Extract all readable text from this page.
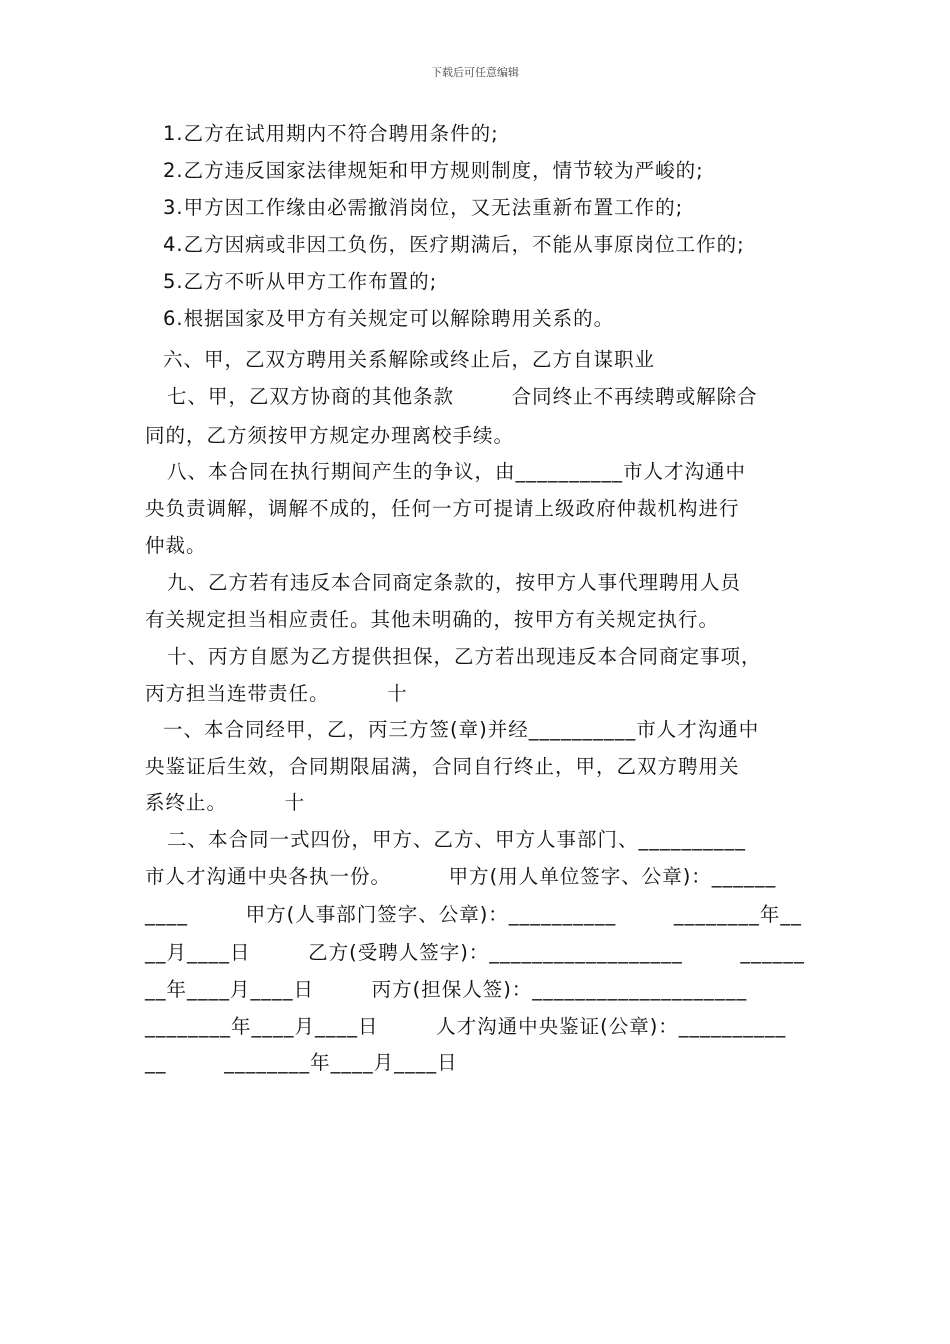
下载后可任意编辑
1.乙方在试用期内不符合聘用条件的;
2.乙方违反国家法律规矩和甲方规则制度，情节较为严峻的;
3.甲方因工作缘由必需撤消岗位，又无法重新布置工作的;
4.乙方因病或非因工负伤，医疗期满后，不能从事原岗位工作的;
5.乙方不听从甲方工作布置的;
6.根据国家及甲方有关规定可以解除聘用关系的。
六、甲，乙双方聘用关系解除或终止后，乙方自谋职业
七、甲，乙双方协商的其他条款        合同终止不再续聘或解除合
同的，乙方须按甲方规定办理离校手续。
八、本合同在执行期间产生的争议，由__________市人才沟通中
央负责调解，调解不成的，任何一方可提请上级政府仲裁机构进行
仲裁。
九、乙方若有违反本合同商定条款的，按甲方人事代理聘用人员
有关规定担当相应责任。其他未明确的，按甲方有关规定执行。
十、丙方自愿为乙方提供担保，乙方若出现违反本合同商定事项，
丙方担当连带责任。        十
一、本合同经甲，乙，丙三方签(章)并经__________市人才沟通中
央鉴证后生效，合同期限届满，合同自行终止，甲，乙双方聘用关
系终止。        十
二、本合同一式四份，甲方、乙方、甲方人事部门、__________
市人才沟通中央各执一份。        甲方(用人单位签字、公章)：______
____        甲方(人事部门签字、公章)：__________        ________年__
__月____日        乙方(受聘人签字)：__________________        ______
__年____月____日        丙方(担保人签)：____________________
________年____月____日        人才沟通中央鉴证(公章)：__________
__        ________年____月____日
